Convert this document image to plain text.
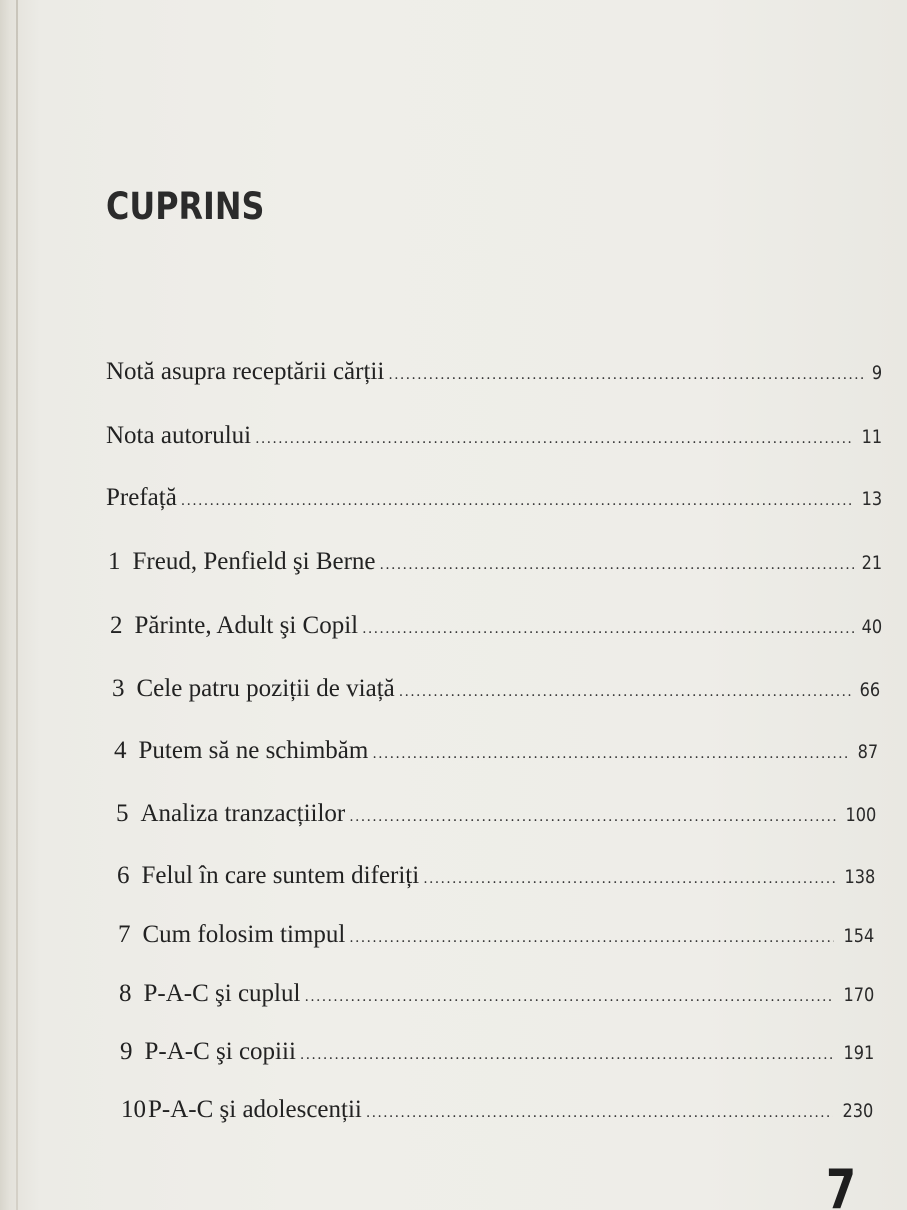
CUPRINS
Notă asupra receptării cărții .....	9
Nota autorului .....	11
Prefață .....	13
1 Freud, Penfield şi Berne .....	21
2 Părinte, Adult şi Copil .....	40
3 Cele patru poziții de viață .....	66
4 Putem să ne schimbăm .....	87
5 Analiza tranzacțiilor .....	100
6 Felul în care suntem diferiți .....	138
7 Cum folosim timpul .....	154
8 P-A-C şi cuplul .....	170
9 P-A-C şi copiii .....	191
10 P-A-C şi adolescenții .....	230
7
